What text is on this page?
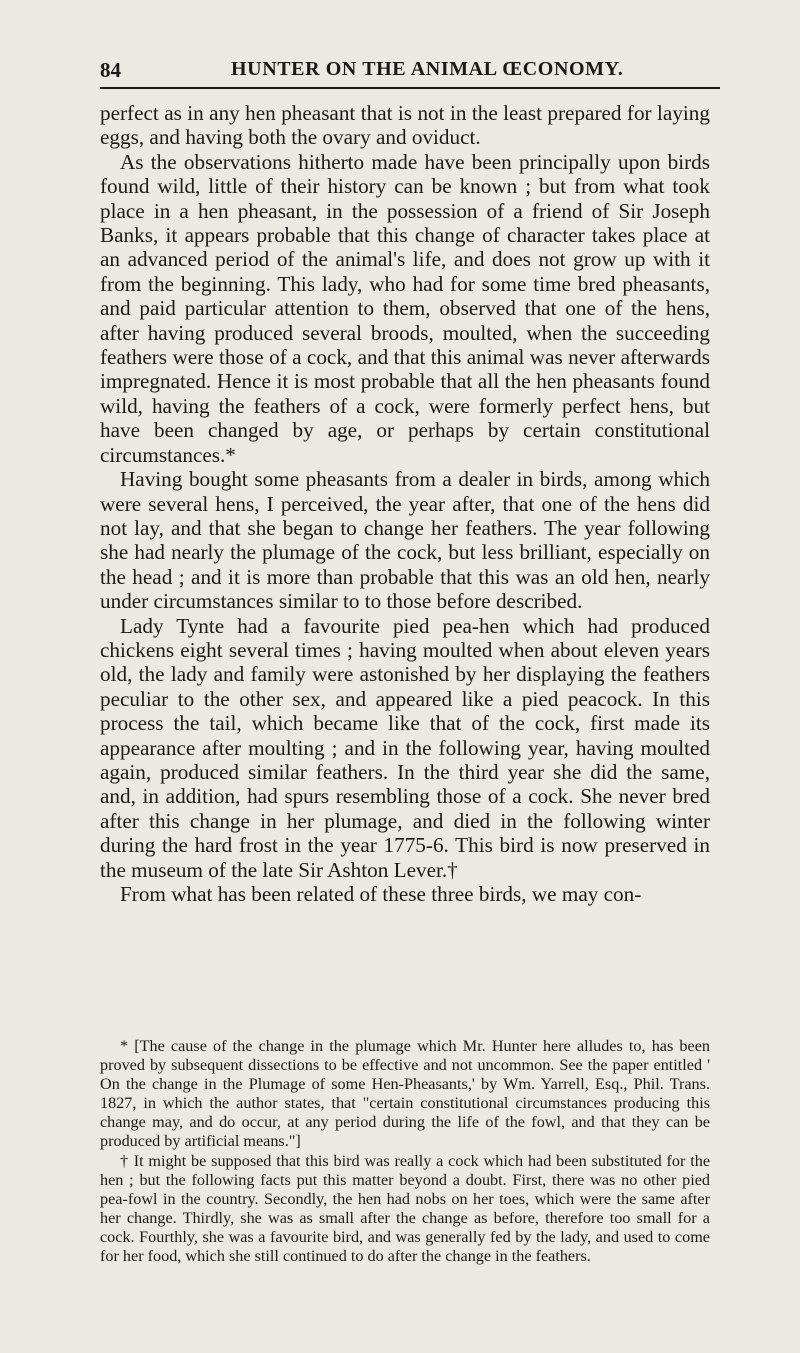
84	HUNTER ON THE ANIMAL ŒCONOMY.

perfect as in any hen pheasant that is not in the least prepared for laying eggs, and having both the ovary and oviduct.

As the observations hitherto made have been principally upon birds found wild, little of their history can be known ; but from what took place in a hen pheasant, in the possession of a friend of Sir Joseph Banks, it appears probable that this change of character takes place at an advanced period of the animal's life, and does not grow up with it from the beginning. This lady, who had for some time bred pheasants, and paid particular attention to them, observed that one of the hens, after having produced several broods, moulted, when the succeeding feathers were those of a cock, and that this animal was never afterwards impregnated. Hence it is most probable that all the hen pheasants found wild, having the feathers of a cock, were formerly perfect hens, but have been changed by age, or perhaps by certain constitutional circumstances.*

Having bought some pheasants from a dealer in birds, among which were several hens, I perceived, the year after, that one of the hens did not lay, and that she began to change her feathers. The year following she had nearly the plumage of the cock, but less brilliant, especially on the head ; and it is more than probable that this was an old hen, nearly under circumstances similar to to those before described.

Lady Tynte had a favourite pied pea-hen which had produced chickens eight several times ; having moulted when about eleven years old, the lady and family were astonished by her displaying the feathers peculiar to the other sex, and appeared like a pied peacock. In this process the tail, which became like that of the cock, first made its appearance after moulting ; and in the following year, having moulted again, produced similar feathers. In the third year she did the same, and, in addition, had spurs resembling those of a cock. She never bred after this change in her plumage, and died in the following winter during the hard frost in the year 1775-6. This bird is now preserved in the museum of the late Sir Ashton Lever.†

From what has been related of these three birds, we may con-

* [The cause of the change in the plumage which Mr. Hunter here alludes to, has been proved by subsequent dissections to be effective and not uncommon. See the paper entitled ' On the change in the Plumage of some Hen-Pheasants,' by Wm. Yarrell, Esq., Phil. Trans. 1827, in which the author states, that "certain constitutional circumstances producing this change may, and do occur, at any period during the life of the fowl, and that they can be produced by artificial means."]

† It might be supposed that this bird was really a cock which had been substituted for the hen ; but the following facts put this matter beyond a doubt. First, there was no other pied pea-fowl in the country. Secondly, the hen had nobs on her toes, which were the same after her change. Thirdly, she was as small after the change as before, therefore too small for a cock. Fourthly, she was a favourite bird, and was generally fed by the lady, and used to come for her food, which she still continued to do after the change in the feathers.
